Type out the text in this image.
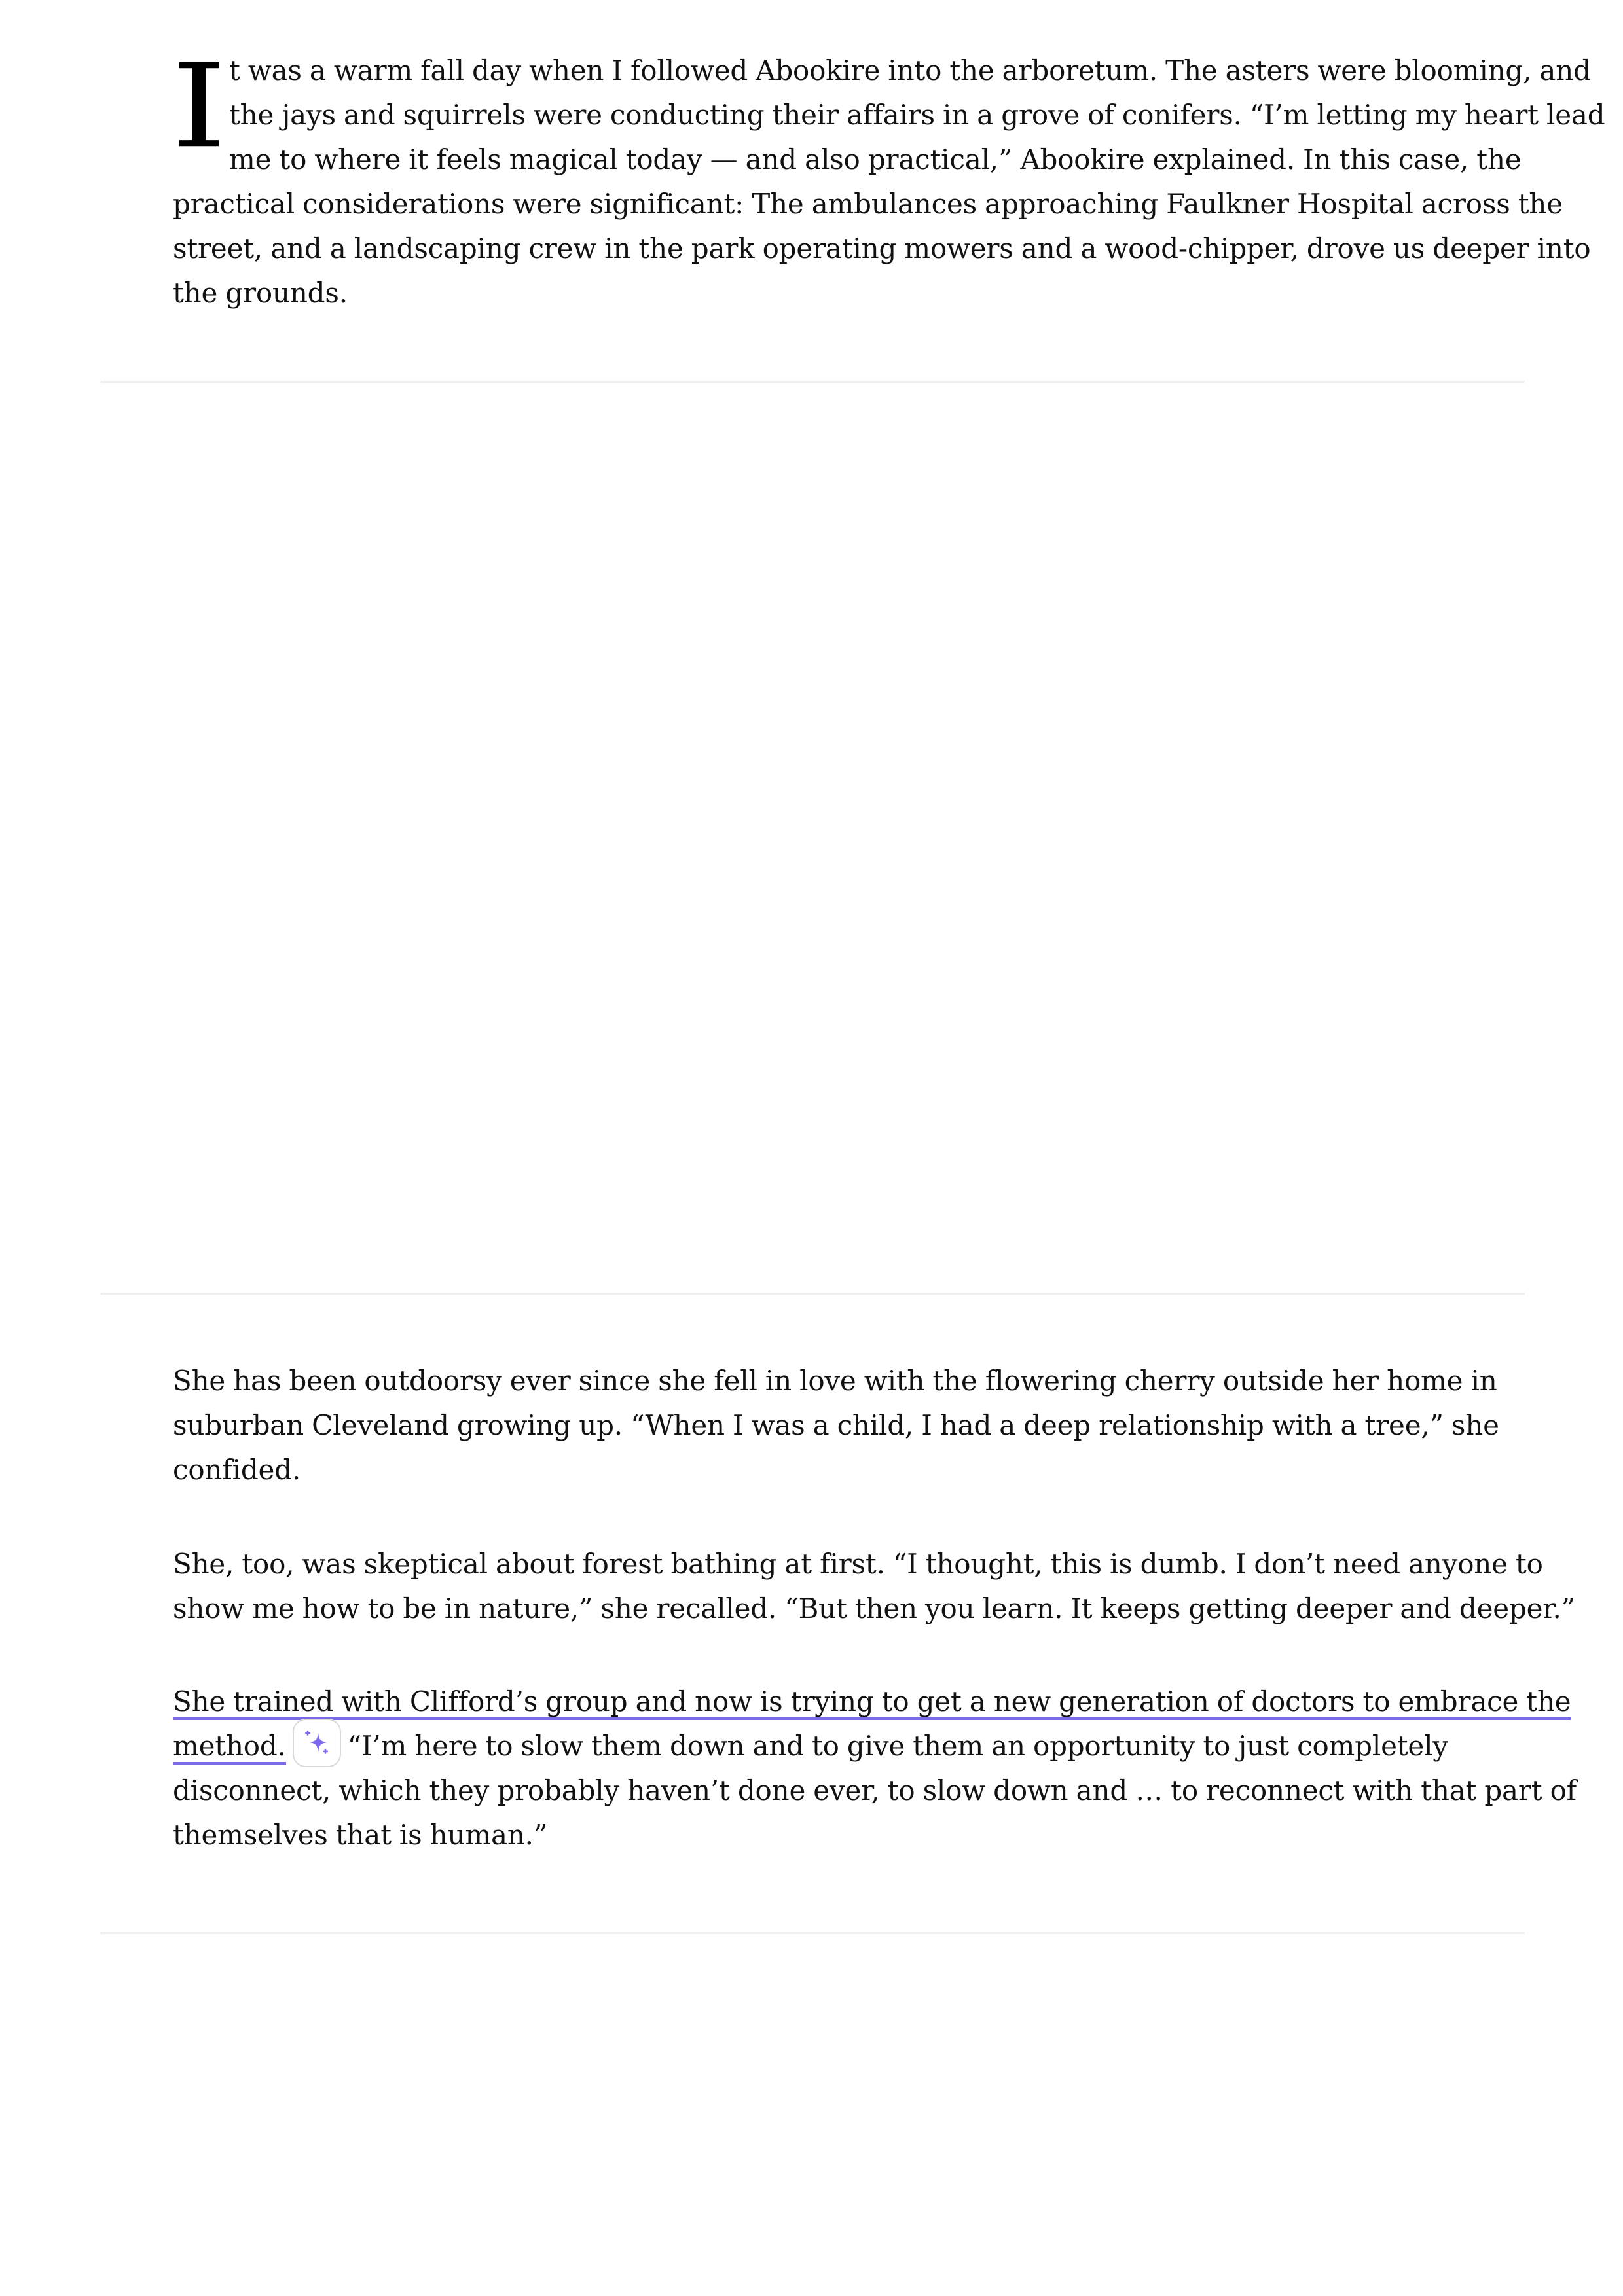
I t was a warm fall day when I followed Abookire into the arboretum. The asters were blooming, and
the jays and squirrels were conducting their affairs in a grove of conifers. “I’m letting my heart lead
me to where it feels magical today — and also practical,” Abookire explained. In this case, the
practical considerations were significant: The ambulances approaching Faulkner Hospital across the
street, and a landscaping crew in the park operating mowers and a wood-chipper, drove us deeper into
the grounds.
She has been outdoorsy ever since she fell in love with the flowering cherry outside her home in
suburban Cleveland growing up. “When I was a child, I had a deep relationship with a tree,” she
confided.
She, too, was skeptical about forest bathing at first. “I thought, this is dumb. I don’t need anyone to
show me how to be in nature,” she recalled. “But then you learn. It keeps getting deeper and deeper.”
She trained with Clifford’s group and now is trying to get a new generation of doctors to embrace the
method. “I’m here to slow them down and to give them an opportunity to just completely
disconnect, which they probably haven’t done ever, to slow down and … to reconnect with that part of
themselves that is human.”
